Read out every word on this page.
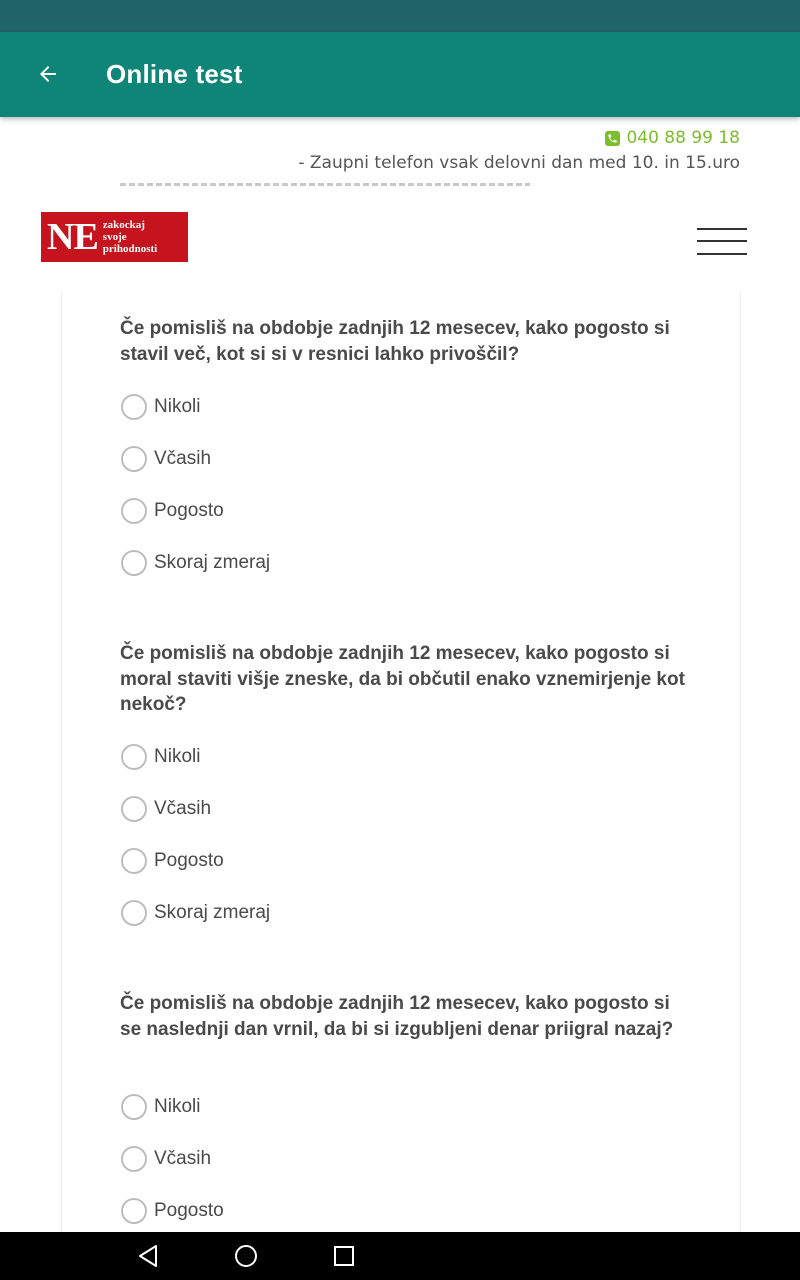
Online test
040 88 99 18
- Zaupni telefon vsak delovni dan med 10. in 15.uro
NE zakockaj
svoje
prihodnosti
Če pomisliš na obdobje zadnjih 12 mesecev, kako pogosto si stavil več, kot si si v resnici lahko privoščil?
Nikoli
Včasih
Pogosto
Skoraj zmeraj
Če pomisliš na obdobje zadnjih 12 mesecev, kako pogosto si moral staviti višje zneske, da bi občutil enako vznemirjenje kot nekoč?
Nikoli
Včasih
Pogosto
Skoraj zmeraj
Če pomisliš na obdobje zadnjih 12 mesecev, kako pogosto si se naslednji dan vrnil, da bi si izgubljeni denar priigral nazaj?
Nikoli
Včasih
Pogosto
